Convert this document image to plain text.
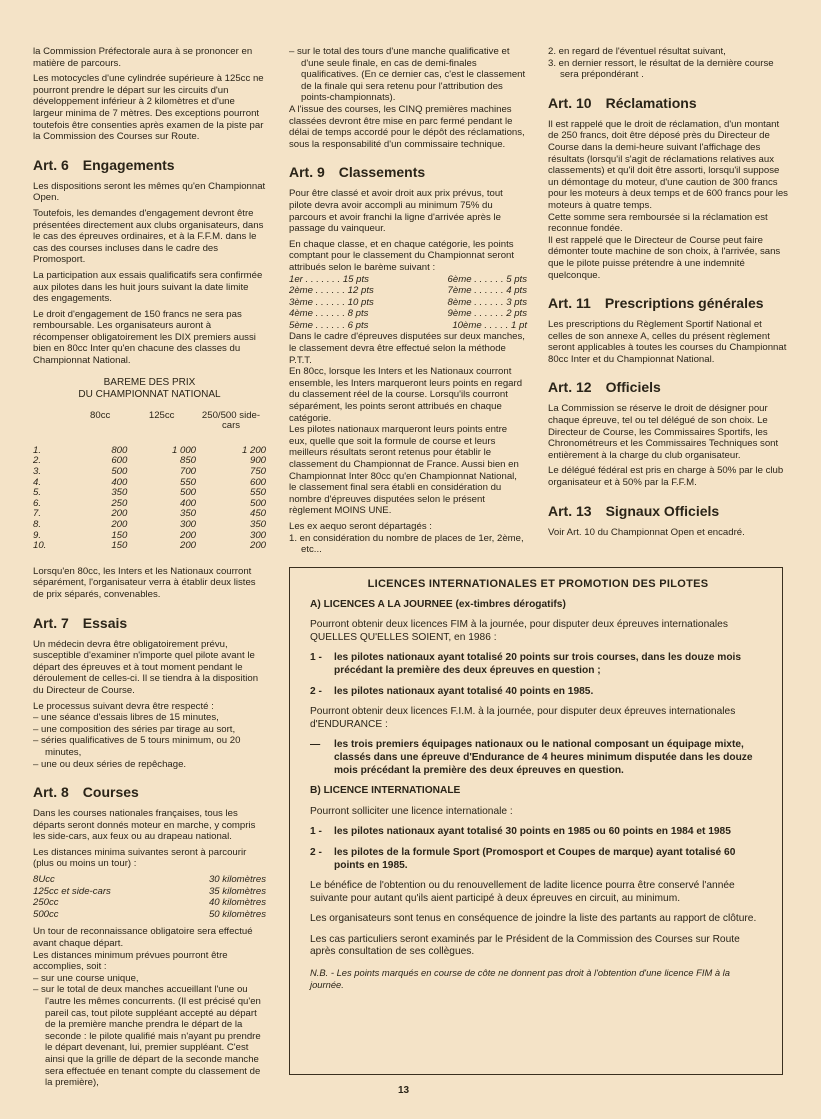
la Commission Préfectorale aura à se prononcer en matière de parcours.

Les motocycles d'une cylindrée supérieure à 125cc ne pourront prendre le départ sur les circuits d'un développement inférieur à 2 kilomètres et d'une largeur minima de 7 mètres. Des exceptions pourront toutefois être consenties après examen de la piste par la Commission des Courses sur Route.

Art. 6 Engagements

Les dispositions seront les mêmes qu'en Championnat Open.

Toutefois, les demandes d'engagement devront être présentées directement aux clubs organisateurs, dans le cas des épreuves ordinaires, et à la F.F.M. dans le cas des courses incluses dans le cadre des Promosport.

La participation aux essais qualificatifs sera confirmée aux pilotes dans les huit jours suivant la date limite des engagements.

Le droit d'engagement de 150 francs ne sera pas remboursable. Les organisateurs auront à récompenser obligatoirement les DIX premiers aussi bien en 80cc Inter qu'en chacune des classes du Championnat National.

BAREME DES PRIX
DU CHAMPIONNAT NATIONAL
	80cc	125cc	250/500 side-cars
1.	800	1 000	1 200
2.	600	850	900
3.	500	700	750
4.	400	550	600
5.	350	500	550
6.	250	400	500
7.	200	350	450
8.	200	300	350
9.	150	200	300
10.	150	200	200

Lorsqu'en 80cc, les Inters et les Nationaux courront séparément, l'organisateur verra à établir deux listes de prix séparés, convenables.

Art. 7 Essais

Un médecin devra être obligatoirement prévu, susceptible d'examiner n'importe quel pilote avant le départ des épreuves et à tout moment pendant le déroulement de celles-ci. Il se tiendra à la disposition du Directeur de Course.

Le processus suivant devra être respecté :

– une séance d'essais libres de 15 minutes,

– une composition des séries par tirage au sort,

– séries qualificatives de 5 tours minimum, ou 20 minutes,

– une ou deux séries de repêchage.

Art. 8 Courses

Dans les courses nationales françaises, tous les départs seront donnés moteur en marche, y compris les side-cars, aux feux ou au drapeau national.

Les distances minima suivantes seront à parcourir (plus ou moins un tour) :

8Ucc	30 kilomètres
125cc et side-cars	35 kilomètres
250cc	40 kilomètres
500cc	50 kilomètres

Un tour de reconnaissance obligatoire sera effectué avant chaque départ.

Les distances minimum prévues pourront être accomplies, soit :

– sur une course unique,

– sur le total de deux manches accueillant l'une ou l'autre les mêmes concurrents. (Il est précisé qu'en pareil cas, tout pilote suppléant accepté au départ de la première manche prendra le départ de la seconde : le pilote qualifié mais n'ayant pu prendre le départ devenant, lui, premier suppléant. C'est ainsi que la grille de départ de la seconde manche sera effectuée en tenant compte du classement de la première),

– sur le total des tours d'une manche qualificative et d'une seule finale, en cas de demi-finales qualificatives. (En ce dernier cas, c'est le classement de la finale qui sera retenu pour l'attribution des points-championnats).

A l'issue des courses, les CINQ premières machines classées devront être mise en parc fermé pendant le délai de temps accordé pour le dépôt des réclamations, sous la responsabilité d'un commissaire technique.

Art. 9 Classements

Pour être classé et avoir droit aux prix prévus, tout pilote devra avoir accompli au minimum 75% du parcours et avoir franchi la ligne d'arrivée après le passage du vainqueur.

En chaque classe, et en chaque catégorie, les points comptant pour le classement du Championnat seront attribués selon le barème suivant :

1er . . . . . . . 15 pts	6ème . . . . . . 5 pts
2ème . . . . . . 12 pts	7ème . . . . . . 4 pts
3ème . . . . . . 10 pts	8ème . . . . . . 3 pts
4ème . . . . . . 8 pts	9ème . . . . . . 2 pts
5ème . . . . . . 6 pts	10ème . . . . . 1 pt

Dans le cadre d'épreuves disputées sur deux manches, le classement devra être effectué selon la méthode P.T.T.

En 80cc, lorsque les Inters et les Nationaux courront ensemble, les Inters marqueront leurs points en regard du classement réel de la course. Lorsqu'ils courront séparément, les points seront attribués en chaque catégorie.

Les pilotes nationaux marqueront leurs points entre eux, quelle que soit la formule de course et leurs meilleurs résultats seront retenus pour établir le classement du Championnat de France. Aussi bien en Championnat Inter 80cc qu'en Championnat National, le classement final sera établi en considération du nombre d'épreuves disputées selon le présent règlement MOINS UNE.

Les ex aequo seront départagés :

1. en considération du nombre de places de 1er, 2ème, etc...

2. en regard de l'éventuel résultat suivant,

3. en dernier ressort, le résultat de la dernière course sera prépondérant .

Art. 10 Réclamations

Il est rappelé que le droit de réclamation, d'un montant de 250 francs, doit être déposé près du Directeur de Course dans la demi-heure suivant l'affichage des résultats (lorsqu'il s'agit de réclamations relatives aux classements) et qu'il doit être assorti, lorsqu'il suppose un démontage du moteur, d'une caution de 300 francs pour les moteurs à deux temps et de 600 francs pour les moteurs à quatre temps.

Cette somme sera remboursée si la réclamation est reconnue fondée.

Il est rappelé que le Directeur de Course peut faire démonter toute machine de son choix, à l'arrivée, sans que le pilote puisse prétendre à une indemnité quelconque.

Art. 11 Prescriptions générales

Les prescriptions du Règlement Sportif National et celles de son annexe A, celles du présent règlement seront applicables à toutes les courses du Championnat 80cc Inter et du Championnat National.

Art. 12 Officiels

La Commission se réserve le droit de désigner pour chaque épreuve, tel ou tel délégué de son choix. Le Directeur de Course, les Commissaires Sportifs, les Chronométreurs et les Commissaires Techniques sont entièrement à la charge du club organisateur.

Le délégué fédéral est pris en charge à 50% par le club organisateur et à 50% par la F.F.M.

Art. 13 Signaux Officiels

Voir Art. 10 du Championnat Open et encadré.

LICENCES INTERNATIONALES ET PROMOTION DES PILOTES
A) LICENCES A LA JOURNEE (ex-timbres dérogatifs)

Pourront obtenir deux licences FIM à la journée, pour disputer deux épreuves internationales QUELLES QU'ELLES SOIENT, en 1986 :

1 -	les pilotes nationaux ayant totalisé 20 points sur trois courses, dans les douze mois précédant la première des deux épreuves en question ;
2 -	les pilotes nationaux ayant totalisé 40 points en 1985.

Pourront obtenir deux licences F.I.M. à la journée, pour disputer deux épreuves internationales d'ENDURANCE :

—	les trois premiers équipages nationaux ou le national composant un équipage mixte, classés dans une épreuve d'Endurance de 4 heures minimum disputée dans les douze mois précédant la première des deux épreuves en question.
B) LICENCE INTERNATIONALE

Pourront solliciter une licence internationale :

1 -	les pilotes nationaux ayant totalisé 30 points en 1985 ou 60 points en 1984 et 1985
2 -	les pilotes de la formule Sport (Promosport et Coupes de marque) ayant totalisé 60 points en 1985.

Le bénéfice de l'obtention ou du renouvellement de ladite licence pourra être conservé l'année suivante pour autant qu'ils aient participé à deux épreuves en circuit, au minimum.

Les organisateurs sont tenus en conséquence de joindre la liste des partants au rapport de clôture.

Les cas particuliers seront examinés par le Président de la Commission des Courses sur Route après consultation de ses collègues.

N.B. - Les points marqués en course de côte ne donnent pas droit à l'obtention d'une licence FIM à la journée.

13
